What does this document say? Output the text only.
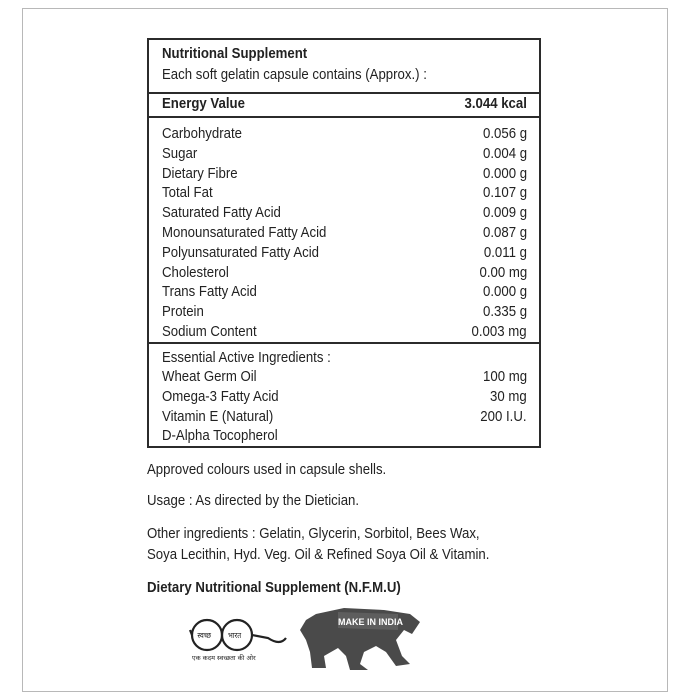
Nutritional Supplement
Each soft gelatin capsule contains (Approx.) :
Energy Value	3.044 kcal
Carbohydrate	0.056 g
Sugar	0.004 g
Dietary Fibre	0.000 g
Total Fat	0.107 g
Saturated Fatty Acid	0.009 g
Monounsaturated Fatty Acid	0.087 g
Polyunsaturated Fatty Acid	0.011 g
Cholesterol	0.00 mg
Trans Fatty Acid	0.000 g
Protein	0.335 g
Sodium Content	0.003 mg
Essential Active Ingredients :
Wheat Germ Oil	100 mg
Omega-3 Fatty Acid	30 mg
Vitamin E (Natural)	200 I.U.
D-Alpha Tocopherol
Approved colours used in capsule shells.
Usage : As directed by the Dietician.
Other ingredients : Gelatin, Glycerin, Sorbitol, Bees Wax,
Soya Lecithin, Hyd. Veg. Oil & Refined Soya Oil & Vitamin.
Dietary Nutritional Supplement (N.F.M.U)
स्वच्छ भारत
एक कदम स्वच्छता की ओर
MAKE IN INDIA
